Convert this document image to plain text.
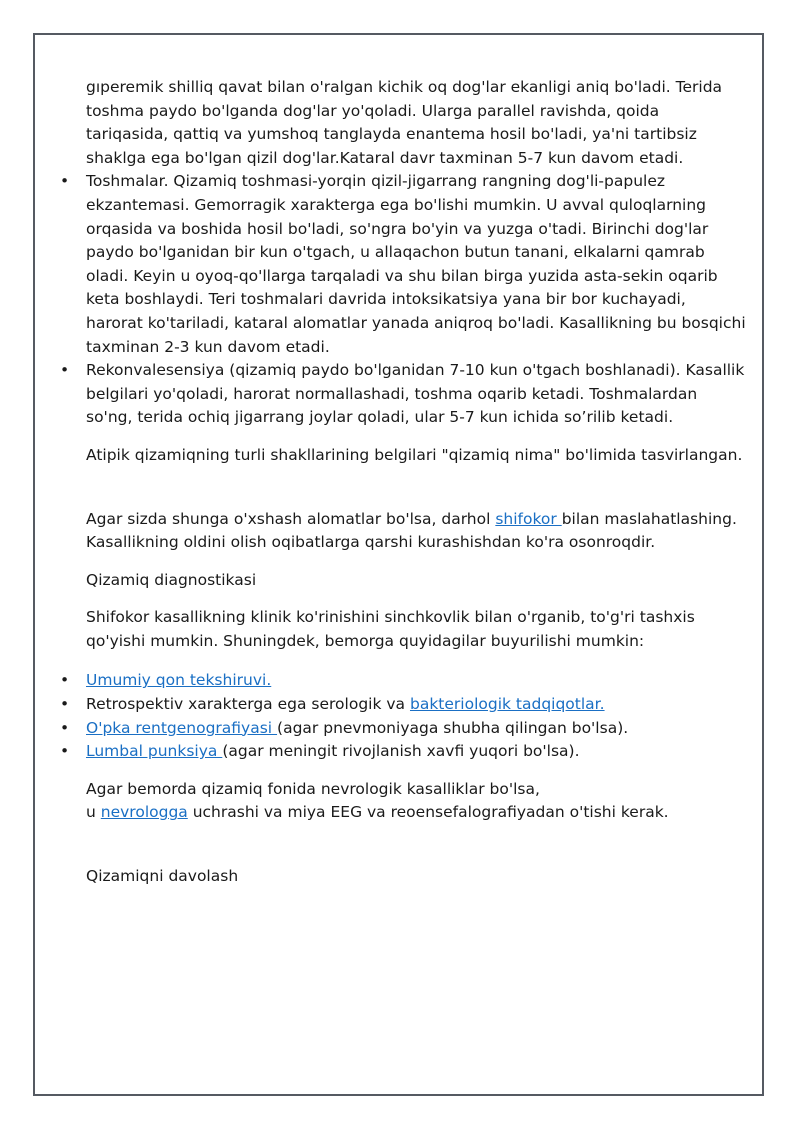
gıperemik shilliq qavat bilan o'ralgan kichik oq dog'lar ekanligi aniq bo'ladi. Terida toshma paydo bo'lganda dog'lar yo'qoladi. Ularga parallel ravishda, qoida tariqasida, qattiq va yumshoq tanglayda enantema hosil bo'ladi, ya'ni tartibsiz shaklga ega bo'lgan qizil dog'lar.Kataral davr taxminan 5-7 kun davom etadi.

• Toshmalar. Qizamiq toshmasi-yorqin qizil-jigarrang rangning dog'li-papulez ekzantemasi. Gemorragik xarakterga ega bo'lishi mumkin. U avval quloqlarning orqasida va boshida hosil bo'ladi, so'ngra bo'yin va yuzga o'tadi. Birinchi dog'lar paydo bo'lganidan bir kun o'tgach, u allaqachon butun tanani, elkalarni qamrab oladi. Keyin u oyoq-qo'llarga tarqaladi va shu bilan birga yuzida asta-sekin oqarib keta boshlaydi. Teri toshmalari davrida intoksikatsiya yana bir bor kuchayadi, harorat ko'tariladi, kataral alomatlar yanada aniqroq bo'ladi. Kasallikning bu bosqichi taxminan 2-3 kun davom etadi.
• Rekonvalesensiya (qizamiq paydo bo'lganidan 7-10 kun o'tgach boshlanadi). Kasallik belgilari yo'qoladi, harorat normallashadi, toshma oqarib ketadi. Toshmalardan so'ng, terida ochiq jigarrang joylar qoladi, ular 5-7 kun ichida so’rilib ketadi.

Atipik qizamiqning turli shakllarining belgilari "qizamiq nima" bo'limida tasvirlangan.

Agar sizda shunga o'xshash alomatlar bo'lsa, darhol shifokor bilan maslahatlashing. Kasallikning oldini olish oqibatlarga qarshi kurashishdan ko'ra osonroqdir.

Qizamiq diagnostikasi

Shifokor kasallikning klinik ko'rinishini sinchkovlik bilan o'rganib, to'g'ri tashxis qo'yishi mumkin. Shuningdek, bemorga quyidagilar buyurilishi mumkin:

• Umumiy qon tekshiruvi.
• Retrospektiv xarakterga ega serologik va bakteriologik tadqiqotlar.
• O'pka rentgenografiyasi (agar pnevmoniyaga shubha qilingan bo'lsa).
• Lumbal punksiya (agar meningit rivojlanish xavfi yuqori bo'lsa).

Agar bemorda qizamiq fonida nevrologik kasalliklar bo'lsa,
u nevrologga uchrashi va miya EEG va reoensefalografiyadan o'tishi kerak.

Qizamiqni davolash
